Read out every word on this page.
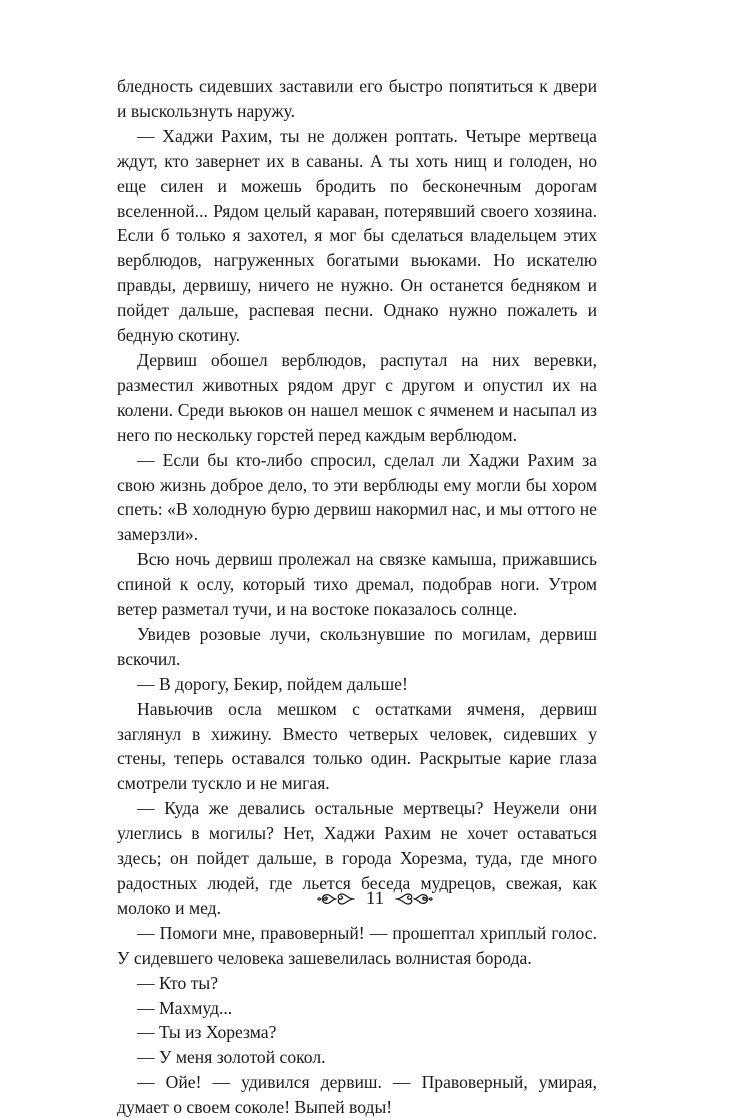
бледность сидевших заставили его быстро попятиться к двери и выскользнуть наружу.

— Хаджи Рахим, ты не должен роптать. Четыре мертвеца ждут, кто завернет их в саваны. А ты хоть нищ и голоден, но еще силен и можешь бродить по бесконечным дорогам вселенной... Рядом целый караван, потерявший своего хозяина. Если б только я захотел, я мог бы сделаться владельцем этих верблюдов, нагруженных богатыми вьюками. Но искателю правды, дервишу, ничего не нужно. Он останется бедняком и пойдет дальше, распевая песни. Однако нужно пожалеть и бедную скотину.

Дервиш обошел верблюдов, распутал на них веревки, разместил животных рядом друг с другом и опустил их на колени. Среди вьюков он нашел мешок с ячменем и насыпал из него по нескольку горстей перед каждым верблюдом.

— Если бы кто-либо спросил, сделал ли Хаджи Рахим за свою жизнь доброе дело, то эти верблюды ему могли бы хором спеть: «В холодную бурю дервиш накормил нас, и мы оттого не замерзли».

Всю ночь дервиш пролежал на связке камыша, прижавшись спиной к ослу, который тихо дремал, подобрав ноги. Утром ветер разметал тучи, и на востоке показалось солнце.

Увидев розовые лучи, скользнувшие по могилам, дервиш вскочил.

— В дорогу, Бекир, пойдем дальше!

Навьючив осла мешком с остатками ячменя, дервиш заглянул в хижину. Вместо четверых человек, сидевших у стены, теперь оставался только один. Раскрытые карие глаза смотрели тускло и не мигая.

— Куда же девались остальные мертвецы? Неужели они улеглись в могилы? Нет, Хаджи Рахим не хочет оставаться здесь; он пойдет дальше, в города Хорезма, туда, где много радостных людей, где льется беседа мудрецов, свежая, как молоко и мед.

— Помоги мне, правоверный! — прошептал хриплый голос. У сидевшего человека зашевелилась волнистая борода.

— Кто ты?

— Махмуд...

— Ты из Хорезма?

— У меня золотой сокол.

— Ойе! — удивился дервиш. — Правоверный, умирая, думает о своем соколе! Выпей воды!

11
